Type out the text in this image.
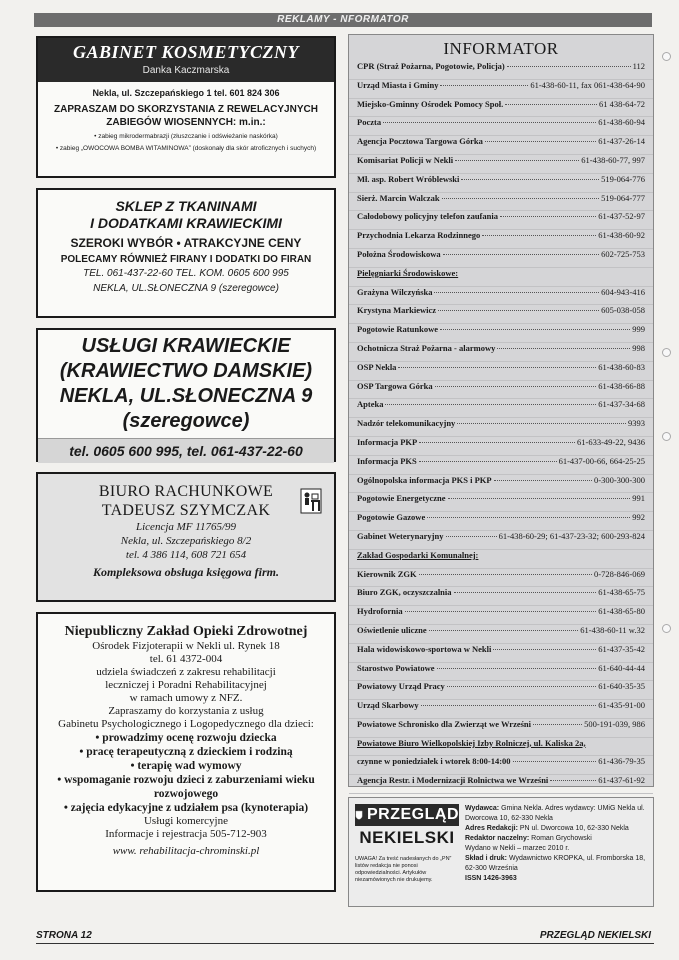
REKLAMY - NFORMATOR
GABINET KOSMETYCZNY
Danka Kaczmarska
Nekla, ul. Szczepańskiego 1 tel. 601 824 306
ZAPRASZAM DO SKORZYSTANIA Z REWELACYJNYCH ZABIEGÓW WIOSENNYCH: m.in.:
• zabieg mikrodermabrazji (złuszczanie i odświeżanie naskórka)
• zabieg „OWOCOWA BOMBA WITAMINOWA” (doskonały dla skór atroficznych i suchych)
SKLEP Z TKANINAMI
I DODATKAMI KRAWIECKIMI
SZEROKI WYBÓR • ATRAKCYJNE CENY
POLECAMY RÓWNIEŻ FIRANY I DODATKI DO FIRAN
TEL. 061-437-22-60 TEL. KOM. 0605 600 995
NEKLA, UL.SŁONECZNA 9 (szeregowce)
USŁUGI KRAWIECKIE
(KRAWIECTWO DAMSKIE)
NEKLA, UL.SŁONECZNA 9
(szeregowce)
tel. 0605 600 995, tel. 061-437-22-60
BIURO RACHUNKOWE
TADEUSZ SZYMCZAK
Licencja MF 11765/99
Nekla, ul. Szczepańskiego 8/2
tel. 4 386 114, 608 721 654
Kompleksowa obsługa księgowa firm.
Niepubliczny Zakład Opieki Zdrowotnej
Ośrodek Fizjoterapii w Nekli ul. Rynek 18
tel. 61 4372-004
udziela świadczeń z zakresu rehabilitacji
leczniczej i Poradni Rehabilitacyjnej
w ramach umowy z NFZ.
Zapraszamy do korzystania z usług
Gabinetu Psychologicznego i Logopedycznego dla dzieci:
• prowadzimy ocenę rozwoju dziecka
• pracę terapeutyczną z dzieckiem i rodziną
• terapię wad wymowy
• wspomaganie rozwoju dzieci z zaburzeniami wieku
rozwojowego
• zajęcia edykacyjne z udziałem psa (kynoterapia)
Usługi komercyjne
Informacje i rejestracja 505-712-903
www. rehabilitacja-chrominski.pl
INFORMATOR
CPR (Straż Pożarna, Pogotowie, Policja)	112
Urząd Miasta i Gminy	61-438-60-11, fax 061-438-64-90
Miejsko-Gminny Ośrodek Pomocy Społ.	61 438-64-72
Poczta	61-438-60-94
Agencja Pocztowa Targowa Górka	61-437-26-14
Komisariat Policji w Nekli	61-438-60-77, 997
Mł. asp. Robert Wróblewski	519-064-776
Sierż. Marcin Walczak	519-064-777
Całodobowy policyjny telefon zaufania	61-437-52-97
Przychodnia Lekarza Rodzinnego	61-438-60-92
Położna Środowiskowa	602-725-753
Pielęgniarki Środowiskowe:
Grażyna Wilczyńska	604-943-416
Krystyna Markiewicz	605-038-058
Pogotowie Ratunkowe	999
Ochotnicza Straż Pożarna - alarmowy	998
OSP Nekla	61-438-60-83
OSP Targowa Górka	61-438-66-88
Apteka	61-437-34-68
Nadzór telekomunikacyjny	9393
Informacja PKP	61-633-49-22, 9436
Informacja PKS	61-437-00-66, 664-25-25
Ogólnopolska informacja PKS i PKP	0-300-300-300
Pogotowie Energetyczne	991
Pogotowie Gazowe	992
Gabinet Weterynaryjny	61-438-60-29; 61-437-23-32; 600-293-824
Zakład Gospodarki Komunalnej:
Kierownik ZGK	0-728-846-069
Biuro ZGK, oczyszczalnia	61-438-65-75
Hydrofornia	61-438-65-80
Oświetlenie uliczne	61-438-60-11 w.32
Hala widowiskowo-sportowa w Nekli	61-437-35-42
Starostwo Powiatowe	61-640-44-44
Powiatowy Urząd Pracy	61-640-35-35
Urząd Skarbowy	61-435-91-00
Powiatowe Schronisko dla Zwierząt we Wrześni	500-191-039, 986
Powiatowe Biuro Wielkopolskiej Izby Rolniczej, ul. Kaliska 2a,
czynne w poniedziałek i wtorek 8:00-14:00	61-436-79-35
Agencja Restr. i Modernizacji Rolnictwa we Wrześni	61-437-61-92
PRZEGLĄD
NEKIELSKI
UWAGA! Za treść nadesłanych do „PN” listów redakcja nie ponosi odpowiedzialności. Artykułów niezamówionych nie drukujemy.
Wydawca: Gmina Nekla. Adres wydawcy: UMiG Nekla ul. Dworcowa 10, 62-330 Nekla
Adres Redakcji: PN ul. Dworcowa 10, 62-330 Nekla
Redaktor naczelny: Roman Grychowski
Wydano w Nekli – marzec 2010 r.
Skład i druk: Wydawnictwo KROPKA, ul. Fromborska 18, 62-300 Września
ISSN 1426-3963
STRONA 12	PRZEGLĄD NEKIELSKI
